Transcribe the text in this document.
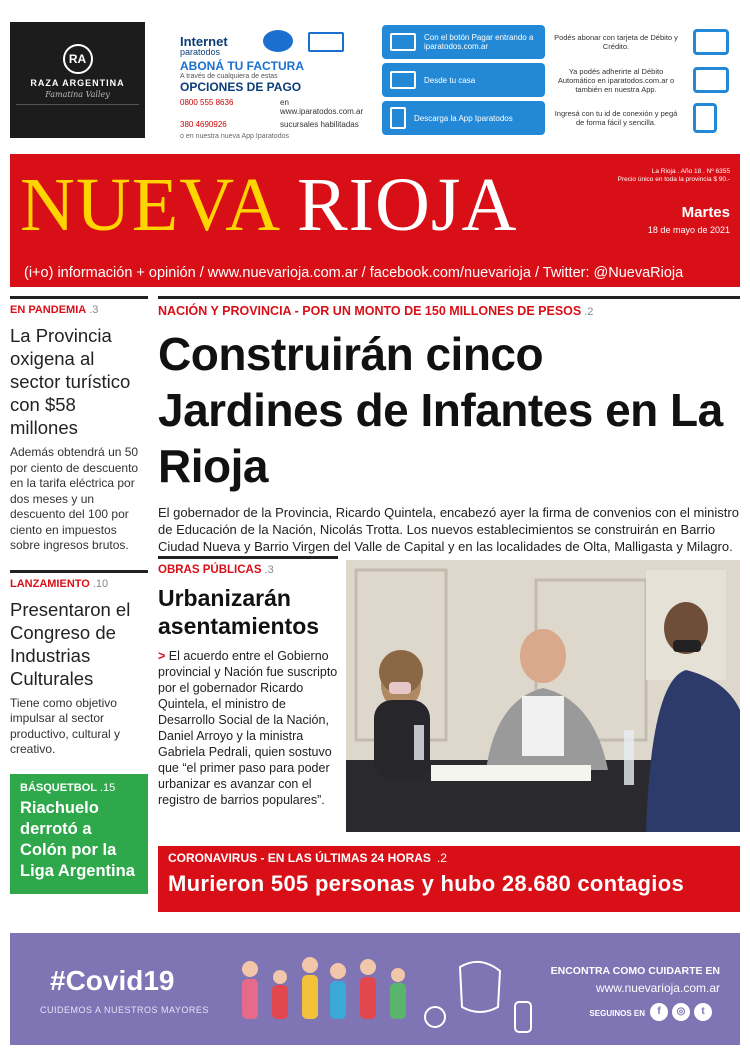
RA
RAZA ARGENTINA
Famatina Valley
Internet
paratodos
ABONÁ TU FACTURA
A través de cualquiera de estas
OPCIONES DE PAGO
0800 555 8636	en www.iparatodos.com.ar
380 4690926	sucursales habilitadas
o en nuestra nueva App Iparatodos
Con el botón Pagar entrando a iparatodos.com.ar
Podés abonar con tarjeta de Débito y Crédito.
Desde tu casa
Ya podés adherirte al Débito Automático en iparatodos.com.ar o también en nuestra App.
Descarga la App Iparatodos	Ingresá con tu id de conexión y pegá de forma fácil y sencilla.
NUEVA RIOJA	La Rioja . Año 18 . Nº 6355
Precio único en toda la provincia $ 90.-
Martes
18 de mayo de 2021
(i+o) información + opinión / www.nuevarioja.com.ar / facebook.com/nuevarioja / Twitter: @NuevaRioja
EN PANDEMIA .3
La Provincia oxigena al sector turístico con $58 millones
Además obtendrá un 50 por ciento de descuento en la tarifa eléctrica por dos meses y un descuento del 100 por ciento en impuestos sobre ingresos brutos.
LANZAMIENTO .10
Presentaron el Congreso de Industrias Culturales
Tiene como objetivo impulsar al sector productivo, cultural y creativo.
BÁSQUETBOL .15
Riachuelo derrotó a Colón por la Liga Argentina
NACIÓN Y PROVINCIA - POR UN MONTO DE 150 MILLONES DE PESOS .2
Construirán cinco Jardines de Infantes en La Rioja
El gobernador de la Provincia, Ricardo Quintela, encabezó ayer la firma de convenios con el ministro de Educación de la Nación, Nicolás Trotta. Los nuevos establecimientos se construirán en Barrio Ciudad Nueva y Barrio Virgen del Valle de Capital y en las localidades de Olta, Malligasta y Milagro.
OBRAS PÚBLICAS .3
Urbanizarán asentamientos
> El acuerdo entre el Gobierno provincial y Nación fue suscripto por el gobernador Ricardo Quintela, el ministro de Desarrollo Social de la Nación, Daniel Arroyo y la ministra Gabriela Pedrali, quien sostuvo que “el primer paso para poder urbanizar es avanzar con el registro de barrios populares”.
CORONAVIRUS - EN LAS ÚLTIMAS 24 HORAS .2
Murieron 505 personas y hubo 28.680 contagios
#Covid19
CUIDEMOS A NUESTROS MAYORES
ENCONTRA COMO CUIDARTE EN
www.nuevarioja.com.ar
SEGUINOS EN	f	◎	t
